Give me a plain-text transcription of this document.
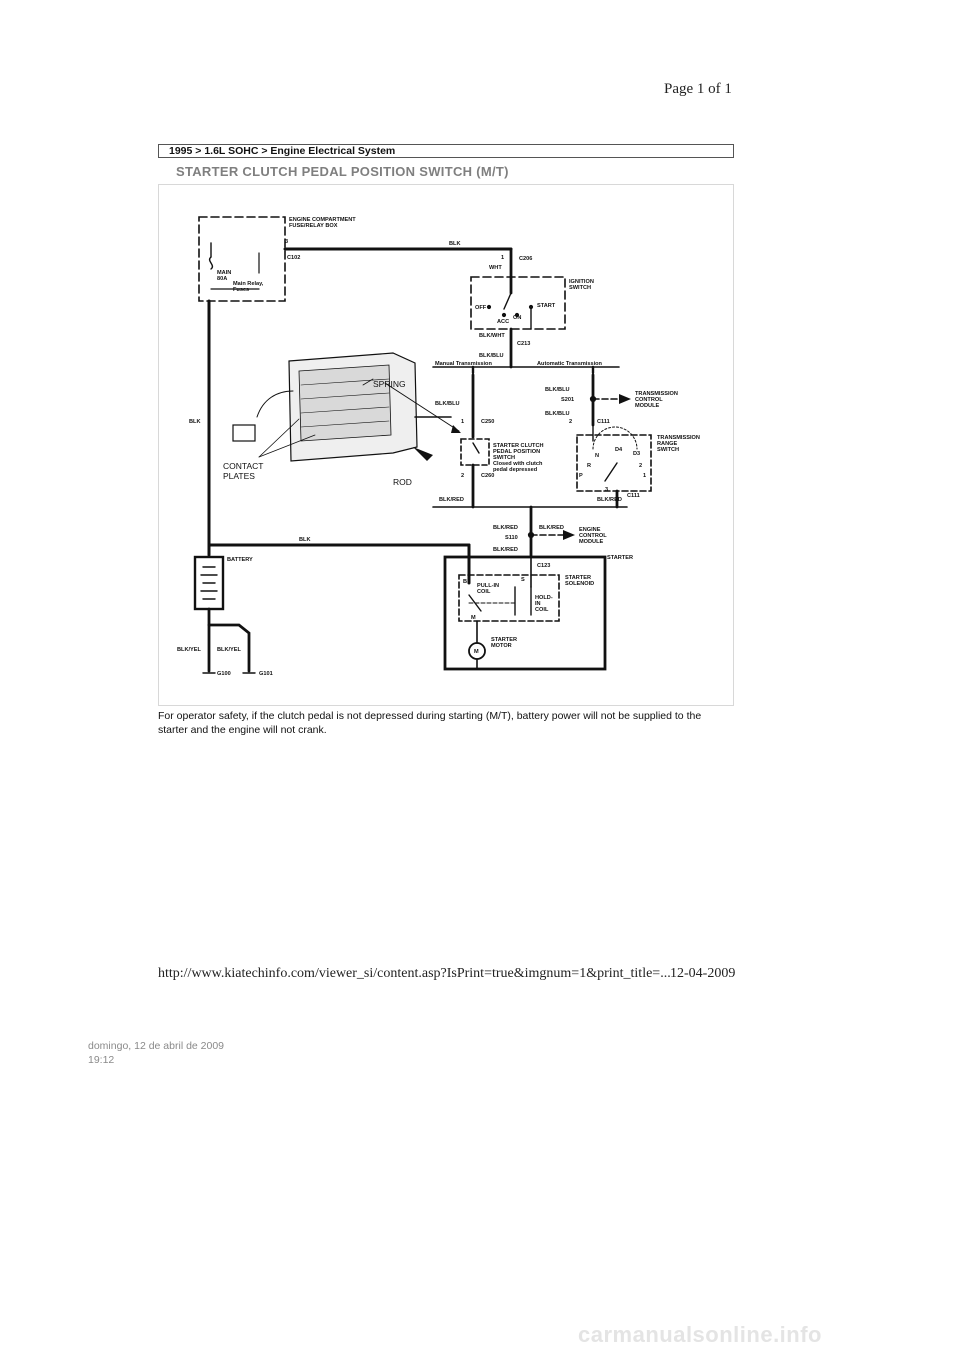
Page 1 of 1
1995 > 1.6L SOHC > Engine Electrical System
STARTER CLUTCH PEDAL POSITION SWITCH (M/T)
ENGINE COMPARTMENT
FUSE/RELAY BOX
3
C102
MAIN
80A
Main Relay,
Fuses
BLK
1	C206
WHT
IGNITION
SWITCH
OFF
ACC
ON
START
BLK/WHT
C213
BLK/BLU
Manual Transmission	Automatic Transmission
SPRING
BLK/BLU
S201
TRANSMISSION
CONTROL
MODULE
BLK/BLU
BLK/BLU
2	C111
BLK	1	C250
STARTER CLUTCH
PEDAL POSITION
SWITCH
Closed with clutch
pedal depressed
TRANSMISSION
RANGE
SWITCH
N
R
D4
D3
P
2
1
CONTACT
PLATES
ROD
2	C260
3
C111
BLK/RED
BLK/RED
BLK
BLK/RED	BLK/RED
S110
ENGINE
CONTROL
MODULE
BLK/RED
STARTER
C123
BATTERY
B	S
PULL-IN
COIL
HOLD-
IN
COIL
STARTER
SOLENOID
M
M
STARTER
MOTOR
BLK/YEL	BLK/YEL
G100	G101
For operator safety, if the clutch pedal is not depressed during starting (M/T), battery power will not be supplied to the starter and the engine will not crank.
http://www.kiatechinfo.com/viewer_si/content.asp?IsPrint=true&imgnum=1&print_title=... 12-04-2009
domingo, 12 de abril de 2009
19:12
carmanualsonline.info
